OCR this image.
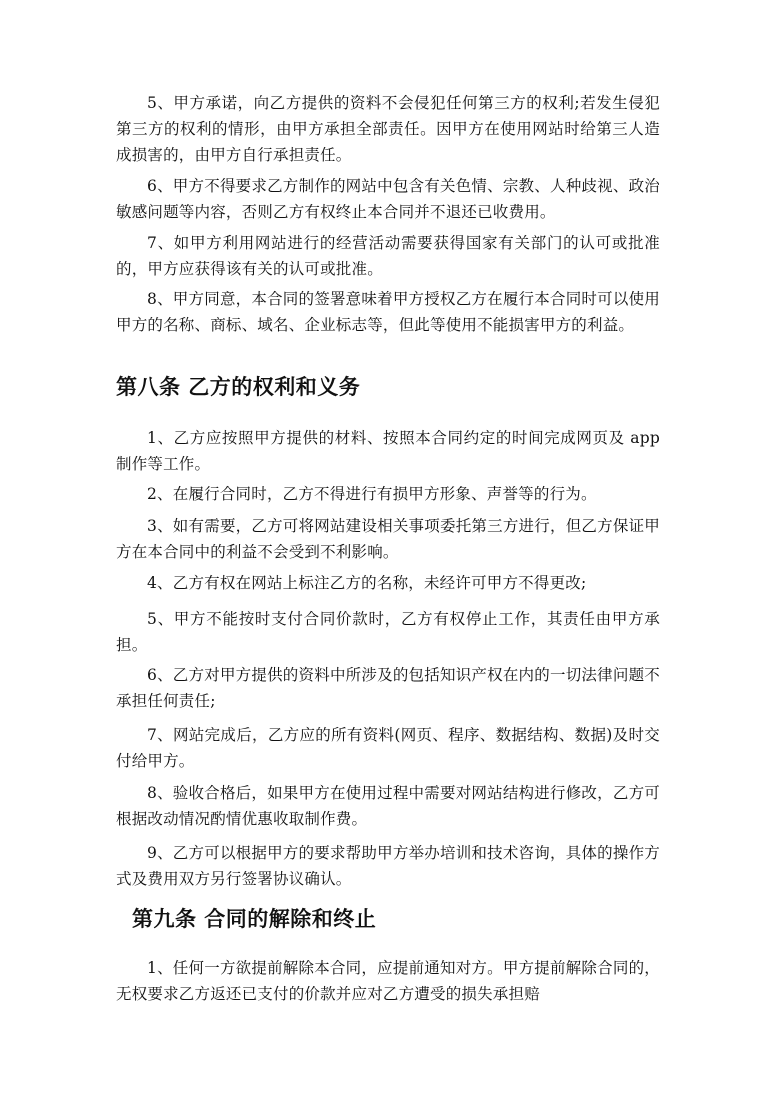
5、甲方承诺，向乙方提供的资料不会侵犯任何第三方的权利;若发生侵犯第三方的权利的情形，由甲方承担全部责任。因甲方在使用网站时给第三人造成损害的，由甲方自行承担责任。

6、甲方不得要求乙方制作的网站中包含有关色情、宗教、人种歧视、政治敏感问题等内容，否则乙方有权终止本合同并不退还已收费用。

7、如甲方利用网站进行的经营活动需要获得国家有关部门的认可或批准的，甲方应获得该有关的认可或批准。

8、甲方同意，本合同的签署意味着甲方授权乙方在履行本合同时可以使用甲方的名称、商标、域名、企业标志等，但此等使用不能损害甲方的利益。

第八条 乙方的权利和义务

1、乙方应按照甲方提供的材料、按照本合同约定的时间完成网页及 app 制作等工作。

2、在履行合同时，乙方不得进行有损甲方形象、声誉等的行为。

3、如有需要，乙方可将网站建设相关事项委托第三方进行，但乙方保证甲方在本合同中的利益不会受到不利影响。

4、乙方有权在网站上标注乙方的名称，未经许可甲方不得更改;

5、甲方不能按时支付合同价款时，乙方有权停止工作，其责任由甲方承担。

6、乙方对甲方提供的资料中所涉及的包括知识产权在内的一切法律问题不承担任何责任;

7、网站完成后，乙方应的所有资料(网页、程序、数据结构、数据)及时交付给甲方。

8、验收合格后，如果甲方在使用过程中需要对网站结构进行修改，乙方可根据改动情况酌情优惠收取制作费。

9、乙方可以根据甲方的要求帮助甲方举办培训和技术咨询，具体的操作方式及费用双方另行签署协议确认。

第九条 合同的解除和终止

1、任何一方欲提前解除本合同，应提前通知对方。甲方提前解除合同的，无权要求乙方返还已支付的价款并应对乙方遭受的损失承担赔
